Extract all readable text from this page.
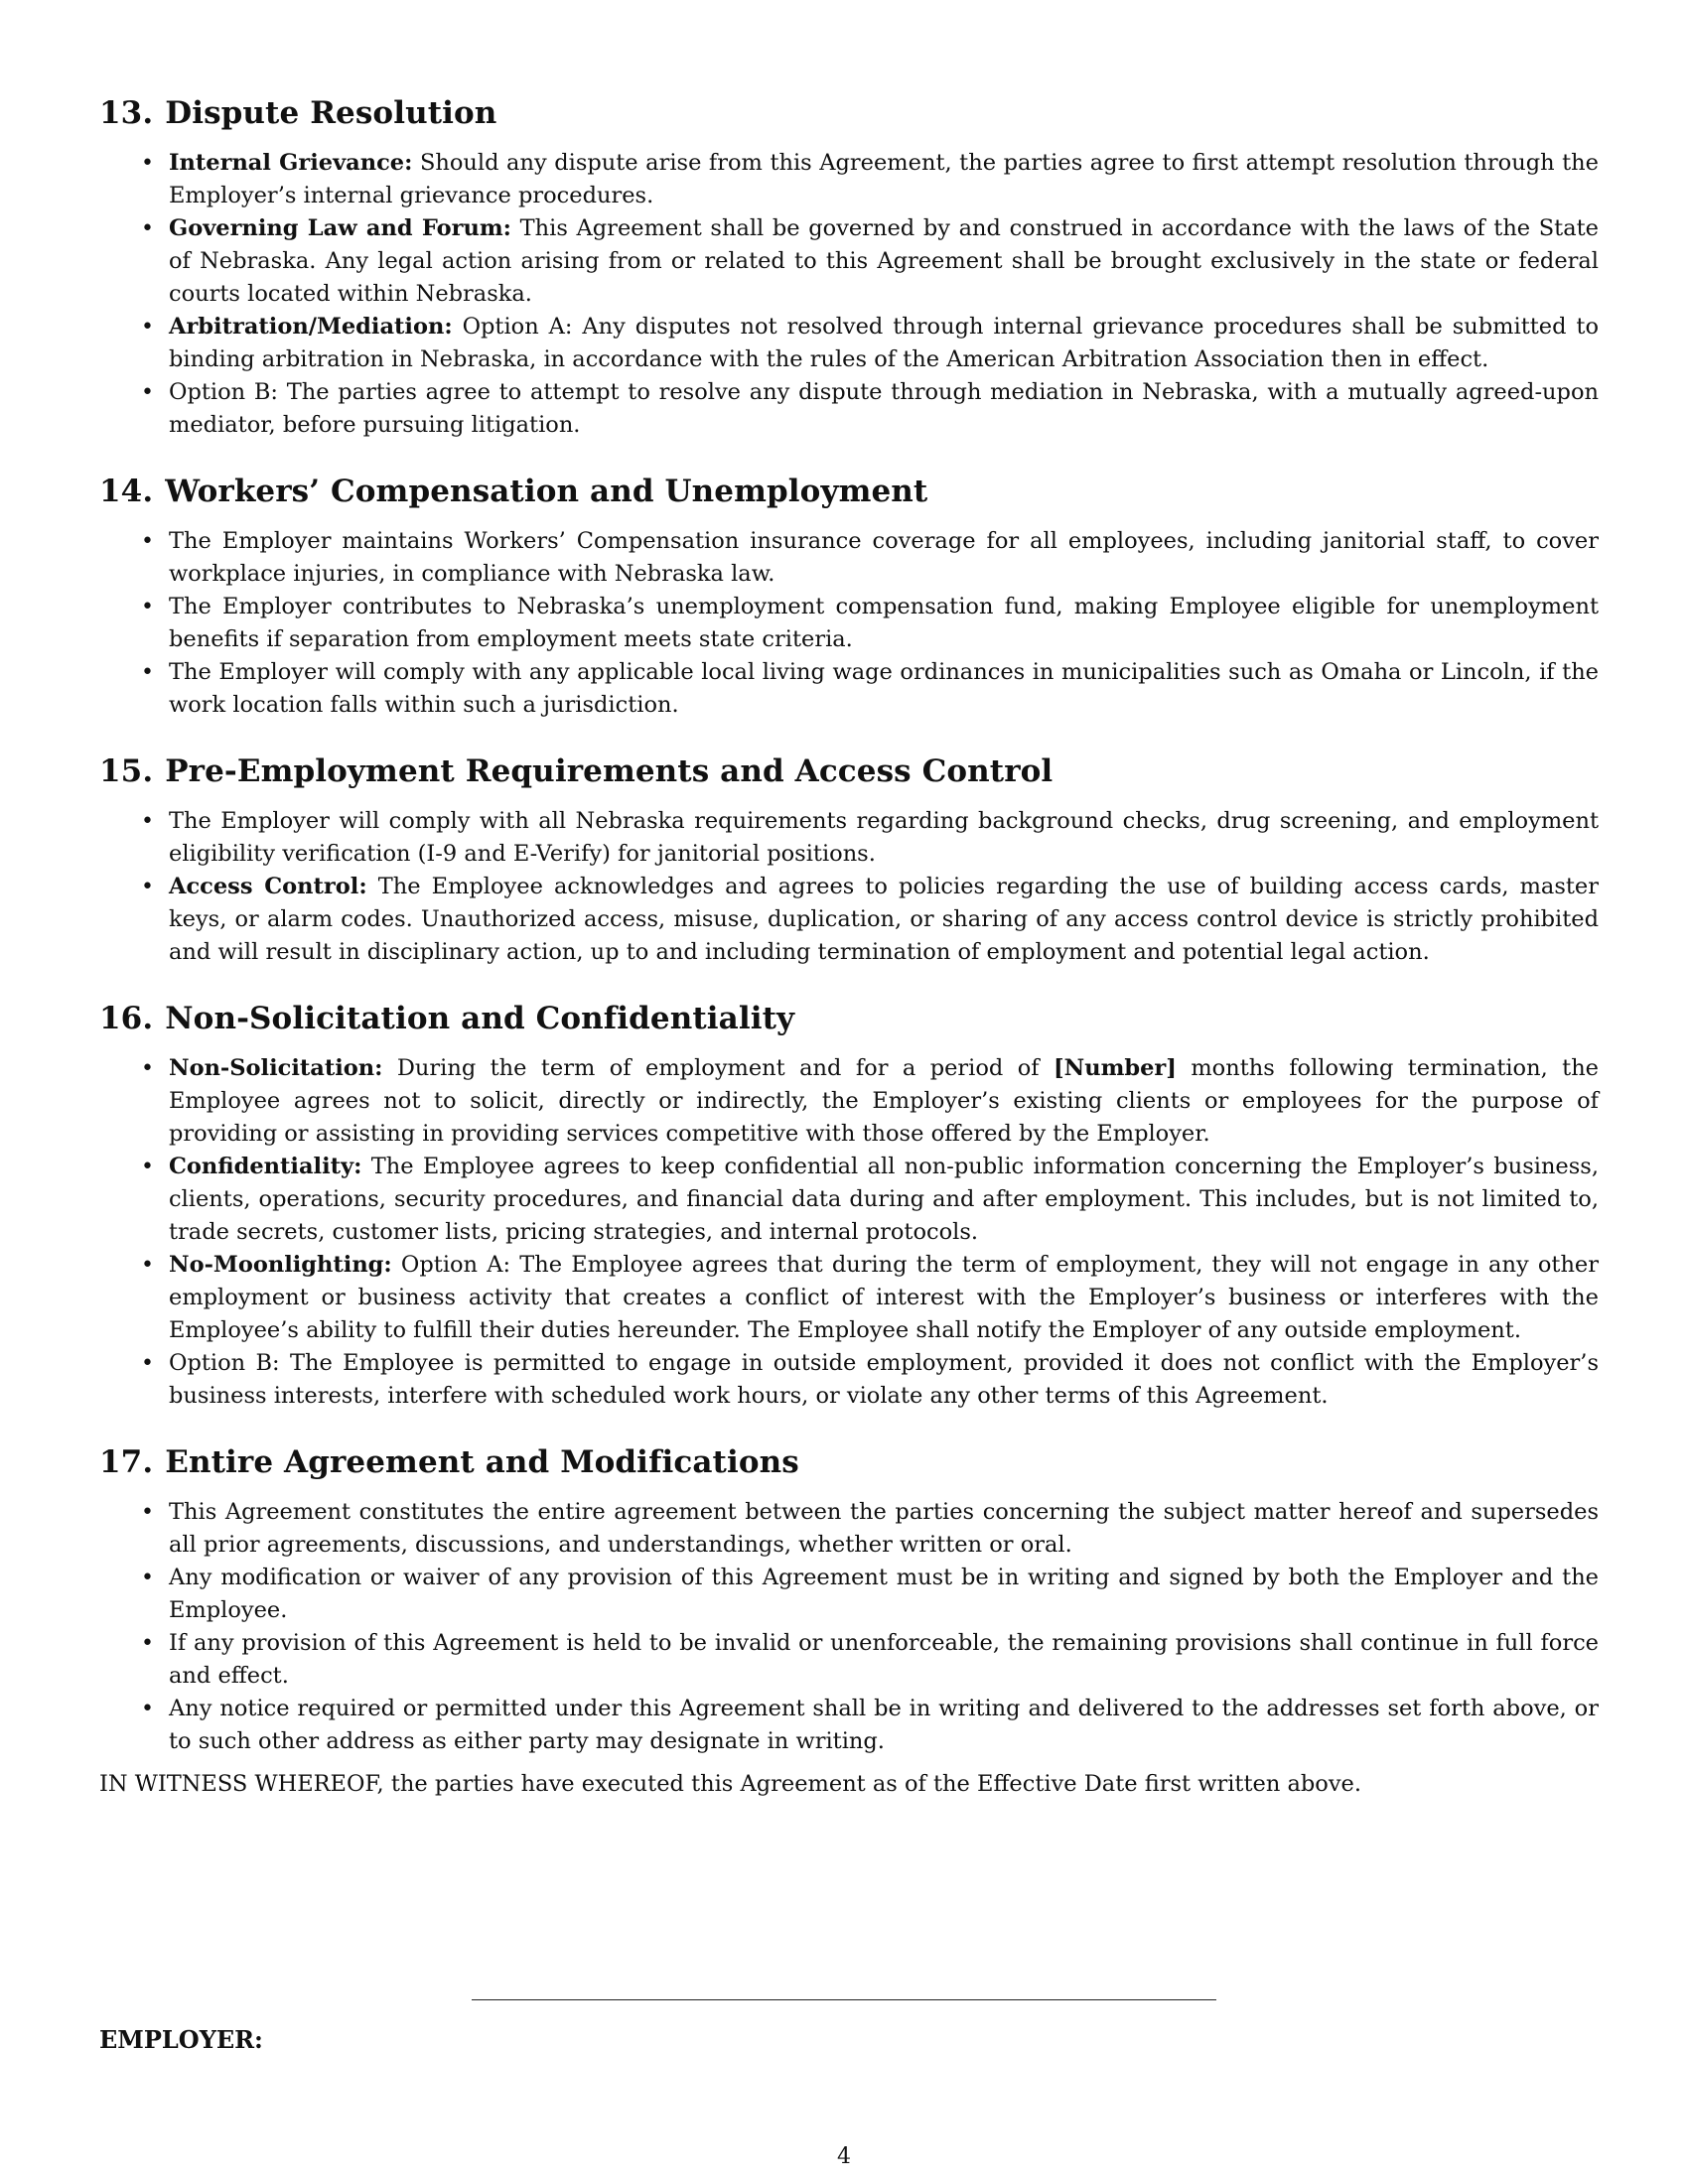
13. Dispute Resolution
• Internal Grievance: Should any dispute arise from this Agreement, the parties agree to first attempt resolution through the Employer’s internal grievance procedures.
• Governing Law and Forum: This Agreement shall be governed by and construed in accordance with the laws of the State of Nebraska. Any legal action arising from or related to this Agreement shall be brought exclusively in the state or federal courts located within Nebraska.
• Arbitration/Mediation: Option A: Any disputes not resolved through internal grievance procedures shall be submitted to binding arbitration in Nebraska, in accordance with the rules of the American Arbitration Association then in effect.
• Option B: The parties agree to attempt to resolve any dispute through mediation in Nebraska, with a mutually agreed-upon mediator, before pursuing litigation.
14. Workers’ Compensation and Unemployment
• The Employer maintains Workers’ Compensation insurance coverage for all employees, including janitorial staff, to cover workplace injuries, in compliance with Nebraska law.
• The Employer contributes to Nebraska’s unemployment compensation fund, making Employee eligible for unemployment benefits if separation from employment meets state criteria.
• The Employer will comply with any applicable local living wage ordinances in municipalities such as Omaha or Lincoln, if the work location falls within such a jurisdiction.
15. Pre-Employment Requirements and Access Control
• The Employer will comply with all Nebraska requirements regarding background checks, drug screening, and employment eligibility verification (I-9 and E-Verify) for janitorial positions.
• Access Control: The Employee acknowledges and agrees to policies regarding the use of building access cards, master keys, or alarm codes. Unauthorized access, misuse, duplication, or sharing of any access control device is strictly prohibited and will result in disciplinary action, up to and including termination of employment and potential legal action.
16. Non-Solicitation and Confidentiality
• Non-Solicitation: During the term of employment and for a period of [Number] months following termination, the Employee agrees not to solicit, directly or indirectly, the Employer’s existing clients or employees for the purpose of providing or assisting in providing services competitive with those offered by the Employer.
• Confidentiality: The Employee agrees to keep confidential all non-public information concerning the Employer’s business, clients, operations, security procedures, and financial data during and after employment. This includes, but is not limited to, trade secrets, customer lists, pricing strategies, and internal protocols.
• No-Moonlighting: Option A: The Employee agrees that during the term of employment, they will not engage in any other employment or business activity that creates a conflict of interest with the Employer’s business or interferes with the Employee’s ability to fulfill their duties hereunder. The Employee shall notify the Employer of any outside employment.
• Option B: The Employee is permitted to engage in outside employment, provided it does not conflict with the Employer’s business interests, interfere with scheduled work hours, or violate any other terms of this Agreement.
17. Entire Agreement and Modifications
• This Agreement constitutes the entire agreement between the parties concerning the subject matter hereof and supersedes all prior agreements, discussions, and understandings, whether written or oral.
• Any modification or waiver of any provision of this Agreement must be in writing and signed by both the Employer and the Employee.
• If any provision of this Agreement is held to be invalid or unenforceable, the remaining provisions shall continue in full force and effect.
• Any notice required or permitted under this Agreement shall be in writing and delivered to the addresses set forth above, or to such other address as either party may designate in writing.

IN WITNESS WHEREOF, the parties have executed this Agreement as of the Effective Date first written above.

EMPLOYER:
4
